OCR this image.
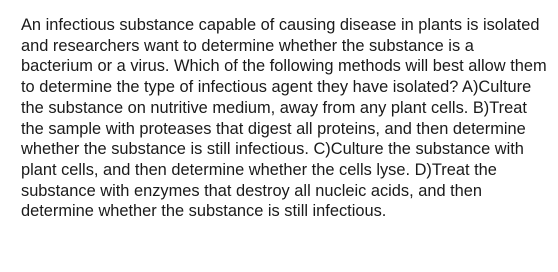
An infectious substance capable of causing disease in plants is isolated and researchers want to determine whether the substance is a bacterium or a virus. Which of the following methods will best allow them to determine the type of infectious agent they have isolated? A)Culture the substance on nutritive medium, away from any plant cells. B)Treat the sample with proteases that digest all proteins, and then determine whether the substance is still infectious. C)Culture the substance with plant cells, and then determine whether the cells lyse. D)Treat the substance with enzymes that destroy all nucleic acids, and then determine whether the substance is still infectious.
